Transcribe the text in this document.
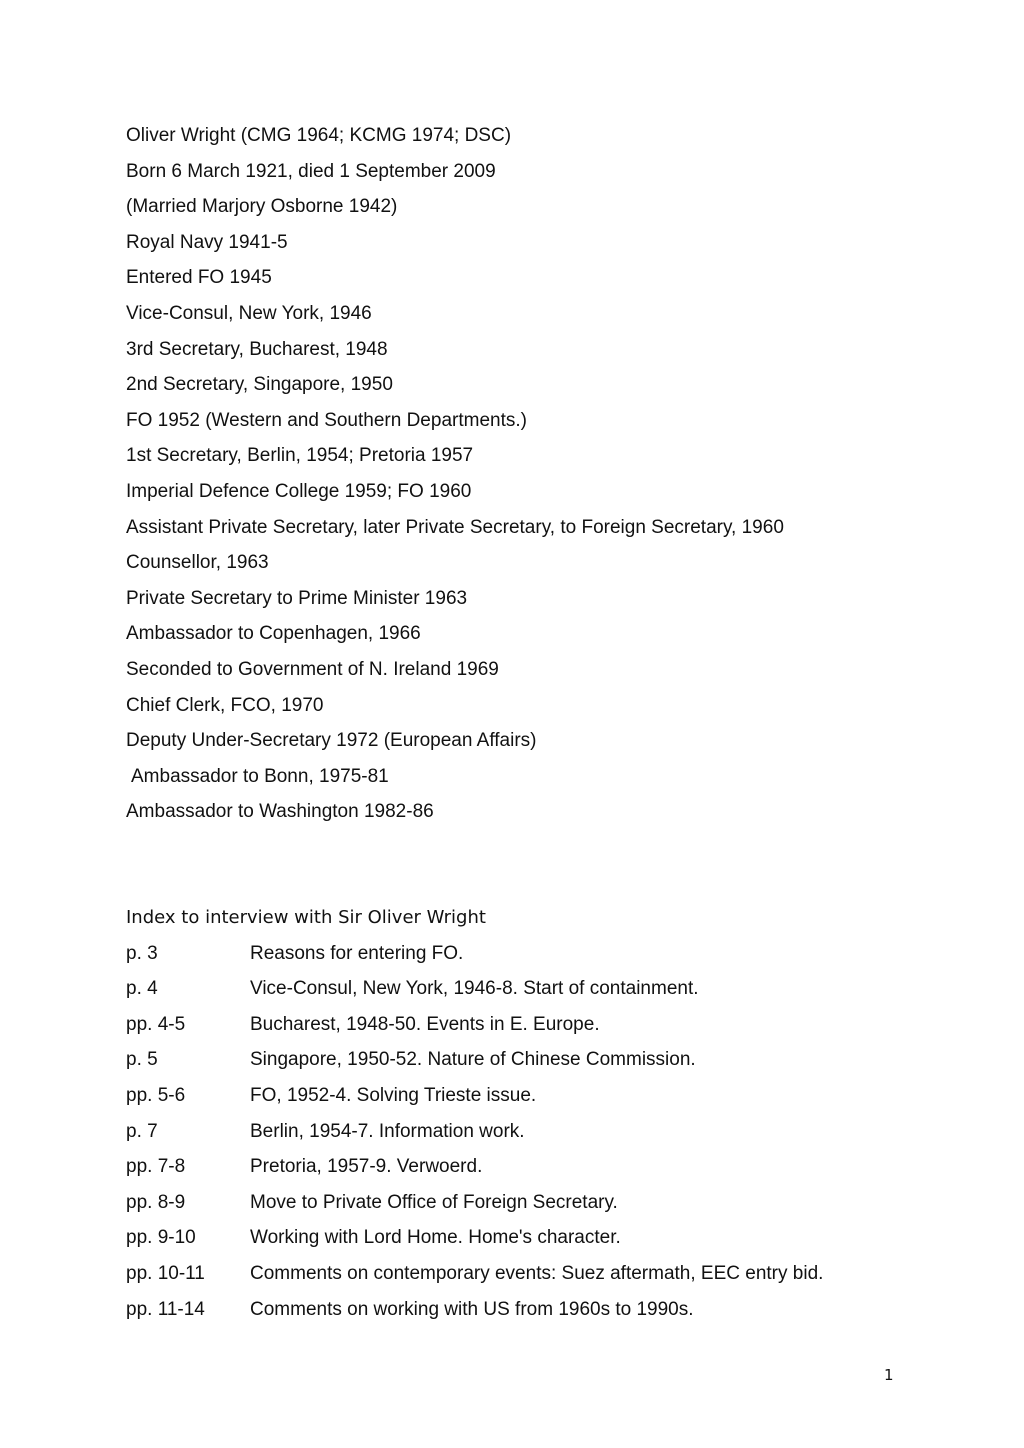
Oliver Wright (CMG 1964; KCMG 1974; DSC)
Born 6 March 1921, died 1 September 2009
(Married Marjory Osborne 1942)
Royal Navy 1941-5
Entered FO 1945
Vice-Consul, New York, 1946
3rd Secretary, Bucharest, 1948
2nd Secretary, Singapore, 1950
FO 1952 (Western and Southern Departments.)
1st Secretary, Berlin, 1954; Pretoria 1957
Imperial Defence College 1959; FO 1960
Assistant Private Secretary, later Private Secretary, to Foreign Secretary, 1960
Counsellor, 1963
Private Secretary to Prime Minister 1963
Ambassador to Copenhagen, 1966
Seconded to Government of N. Ireland 1969
Chief Clerk, FCO, 1970
Deputy Under-Secretary 1972 (European Affairs)
Ambassador to Bonn, 1975-81
Ambassador to Washington 1982-86
Index to interview with Sir Oliver Wright
p. 3	Reasons for entering FO.
p. 4	Vice-Consul, New York, 1946-8. Start of containment.
pp. 4-5	Bucharest, 1948-50. Events in E. Europe.
p. 5	Singapore, 1950-52. Nature of Chinese Commission.
pp. 5-6	FO, 1952-4. Solving Trieste issue.
p. 7	Berlin, 1954-7. Information work.
pp. 7-8	Pretoria, 1957-9. Verwoerd.
pp. 8-9	Move to Private Office of Foreign Secretary.
pp. 9-10	Working with Lord Home. Home's character.
pp. 10-11	Comments on contemporary events: Suez aftermath, EEC entry bid.
pp. 11-14	Comments on working with US from 1960s to 1990s.
1
